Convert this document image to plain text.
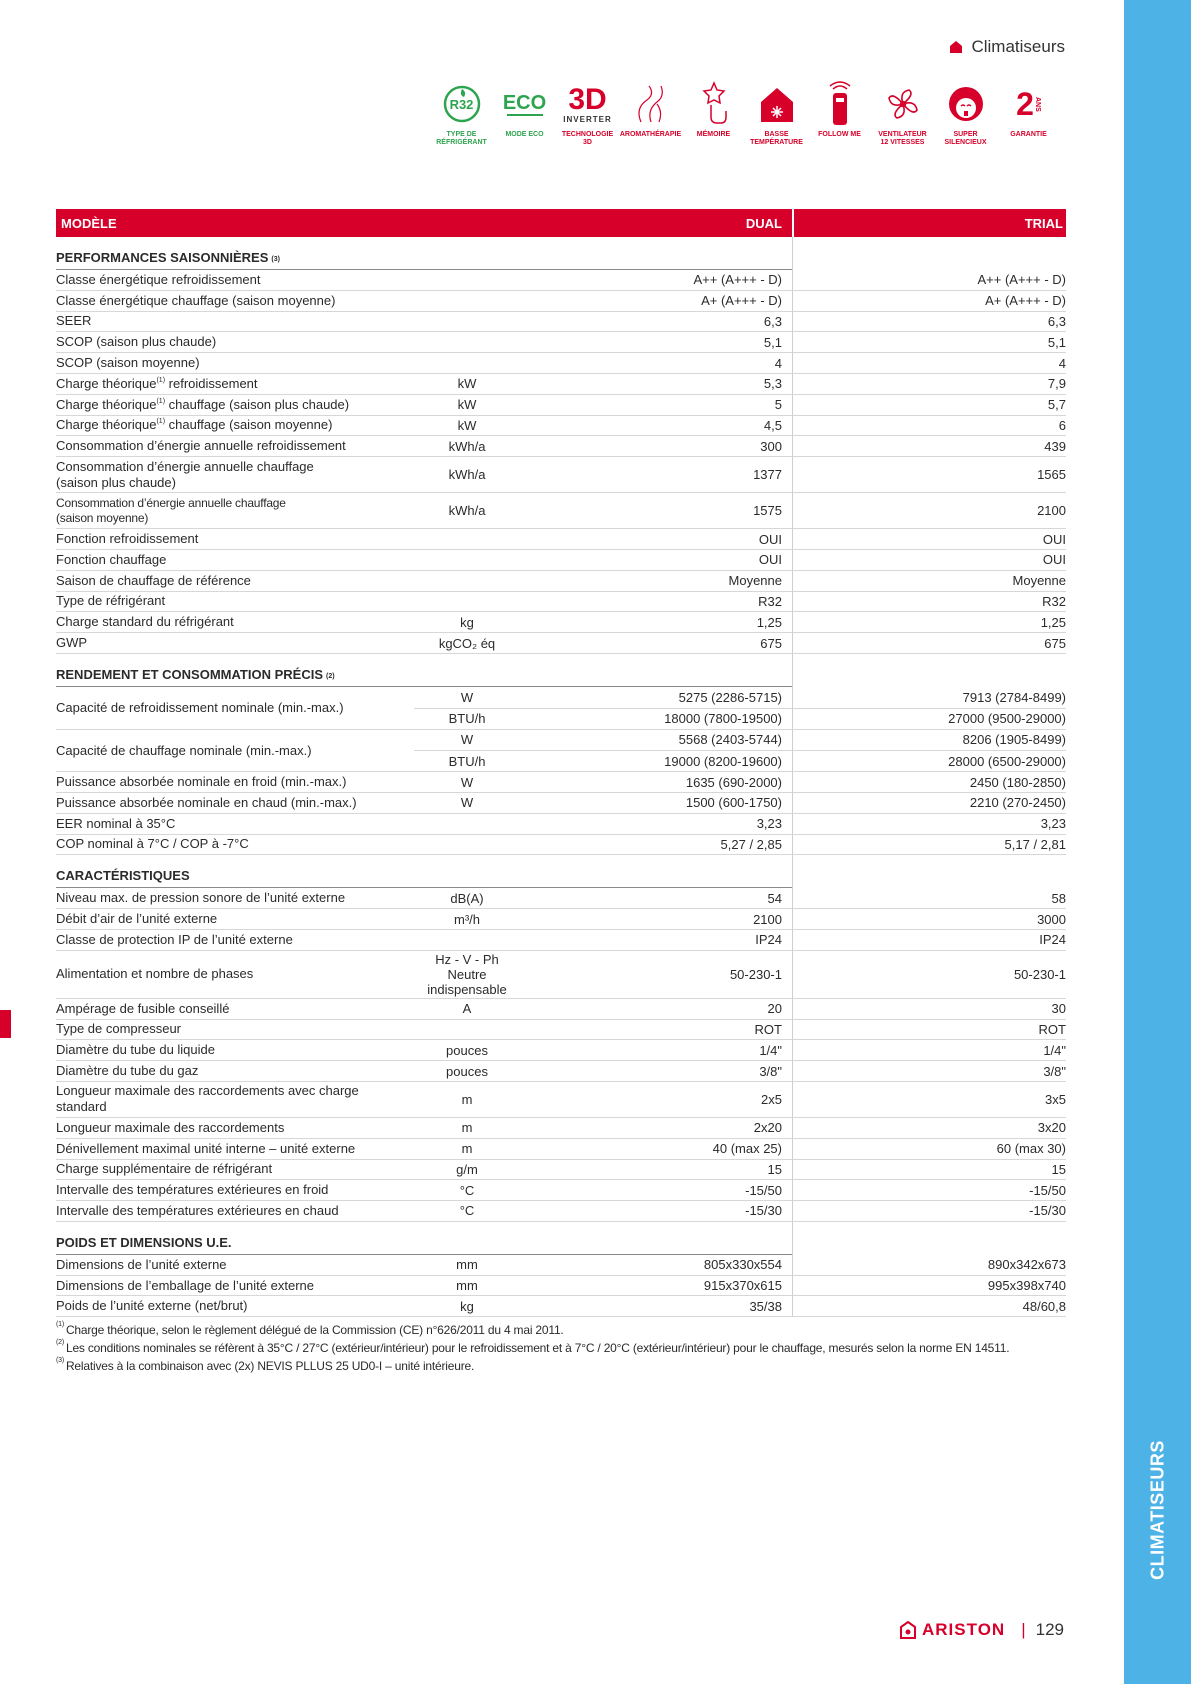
CLIMATISEURS
Climatiseurs
R32
TYPE DE
RÉFRIGÉRANT
ECO
MODE ECO
3D
INVERTER
TECHNOLOGIE
3D
AROMATHÉRAPIE	MÉMOIRE	BASSE
TEMPÉRATURE
FOLLOW ME	VENTILATEUR
12 VITESSES
SUPER
SILENCIEUX
2 ANS
GARANTIE
MODÈLE	DUAL	TRIAL
PERFORMANCES SAISONNIÈRES $^{(3)}$
Classe énergétique refroidissement	A++ (A+++ - D)	A++ (A+++ - D)
Classe énergétique chauffage (saison moyenne)	A+ (A+++ - D)	A+ (A+++ - D)
SEER	6,3	6,3
SCOP (saison plus chaude)	5,1	5,1
SCOP (saison moyenne)	4	4
Charge théorique$^{(1)}$ refroidissement	kW	5,3	7,9
Charge théorique$^{(1)}$ chauffage (saison plus chaude)	kW	5	5,7
Charge théorique$^{(1)}$ chauffage (saison moyenne)	kW	4,5	6
Consommation d’énergie annuelle refroidissement	kWh/a	300	439
Consommation d’énergie annuelle chauffage
(saison plus chaude)	kWh/a	1377	1565
Consommation d’énergie annuelle chauffage
(saison moyenne)	kWh/a	1575	2100
Fonction refroidissement	OUI	OUI
Fonction chauffage	OUI	OUI
Saison de chauffage de référence	Moyenne	Moyenne
Type de réfrigérant	R32	R32
Charge standard du réfrigérant	kg	1,25	1,25
GWP	kgCO₂ éq	675	675
RENDEMENT ET CONSOMMATION PRÉCIS $^{(2)}$
Capacité de refroidissement nominale (min.-max.)
W	5275 (2286-5715)	7913 (2784-8499)
BTU/h	18000 (7800-19500)	27000 (9500-29000)
Capacité de chauffage nominale (min.-max.)
W	5568 (2403-5744)	8206 (1905-8499)
BTU/h	19000 (8200-19600)	28000 (6500-29000)
Puissance absorbée nominale en froid (min.-max.)	W	1635 (690-2000)	2450 (180-2850)
Puissance absorbée nominale en chaud (min.-max.)	W	1500 (600-1750)	2210 (270-2450)
EER nominal à 35°C	3,23	3,23
COP nominal à 7°C / COP à -7°C	5,27 / 2,85	5,17 / 2,81
CARACTÉRISTIQUES
Niveau max. de pression sonore de l’unité externe	dB(A)	54	58
Débit d’air de l’unité externe	m³/h	2100	3000
Classe de protection IP de l’unité externe	IP24	IP24
Alimentation et nombre de phases
Hz - V - Ph Neutre
indispensable
50-230-1	50-230-1
Ampérage de fusible conseillé	A	20	30
Type de compresseur	ROT	ROT
Diamètre du tube du liquide	pouces	1/4"	1/4"
Diamètre du tube du gaz	pouces	3/8"	3/8"
Longueur maximale des raccordements avec charge
standard	m	2x5	3x5
Longueur maximale des raccordements	m	2x20	3x20
Dénivellement maximal unité interne – unité externe	m	40 (max 25)	60 (max 30)
Charge supplémentaire de réfrigérant	g/m	15	15
Intervalle des températures extérieures en froid	°C	-15/50	-15/50
Intervalle des températures extérieures en chaud	°C	-15/30	-15/30
POIDS ET DIMENSIONS U.E.
Dimensions de l’unité externe	mm	805x330x554	890x342x673
Dimensions de l’emballage de l’unité externe	mm	915x370x615	995x398x740
Poids de l’unité externe (net/brut)	kg	35/38	48/60,8
$^{(1)}$ Charge théorique, selon le règlement délégué de la Commission (CE) n°626/2011 du 4 mai 2011.
$^{(2)}$ Les conditions nominales se réfèrent à 35°C / 27°C (extérieur/intérieur) pour le refroidissement et à 7°C / 20°C (extérieur/intérieur) pour le chauffage, mesurés selon la norme EN 14511.
$^{(3)}$ Relatives à la combinaison avec (2x) NEVIS PLLUS 25 UD0-I – unité intérieure.
ARISTON | 129
